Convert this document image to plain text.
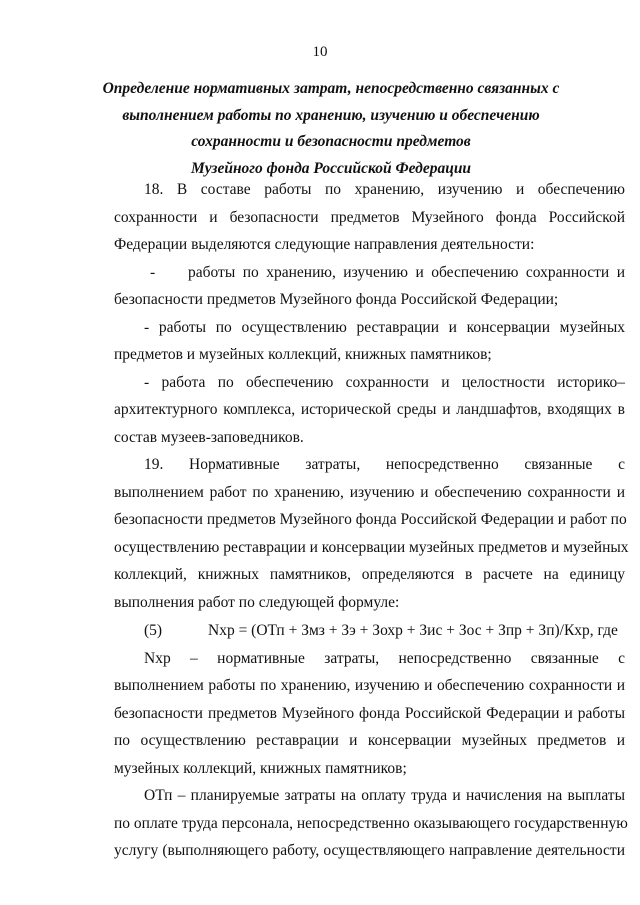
10
Определение нормативных затрат, непосредственно связанных с
выполнением работы по хранению, изучению и обеспечению
сохранности и безопасности предметов
Музейного фонда Российской Федерации
18. В составе работы по хранению, изучению и обеспечению
сохранности и безопасности предметов Музейного фонда Российской
Федерации выделяются следующие направления деятельности:
- работы по хранению, изучению и обеспечению сохранности и
безопасности предметов Музейного фонда Российской Федерации;
- работы по осуществлению реставрации и консервации музейных
предметов и музейных коллекций, книжных памятников;
- работа по обеспечению сохранности и целостности историко–
архитектурного комплекса, исторической среды и ландшафтов, входящих в
состав музеев-заповедников.
19. Нормативные затраты, непосредственно связанные с
выполнением работ по хранению, изучению и обеспечению сохранности и
безопасности предметов Музейного фонда Российской Федерации и работ по
осуществлению реставрации и консервации музейных предметов и музейных
коллекций, книжных памятников, определяются в расчете на единицу
выполнения работ по следующей формуле:
(5)	Nхр = (ОТп + Змз + Зэ + Зохр + Зис + Зос + Зпр + Зп)/Кхр, где
Nхр – нормативные затраты, непосредственно связанные с
выполнением работы по хранению, изучению и обеспечению сохранности и
безопасности предметов Музейного фонда Российской Федерации и работы
по осуществлению реставрации и консервации музейных предметов и
музейных коллекций, книжных памятников;
ОТп – планируемые затраты на оплату труда и начисления на выплаты
по оплате труда персонала, непосредственно оказывающего государственную
услугу (выполняющего работу, осуществляющего направление деятельности
